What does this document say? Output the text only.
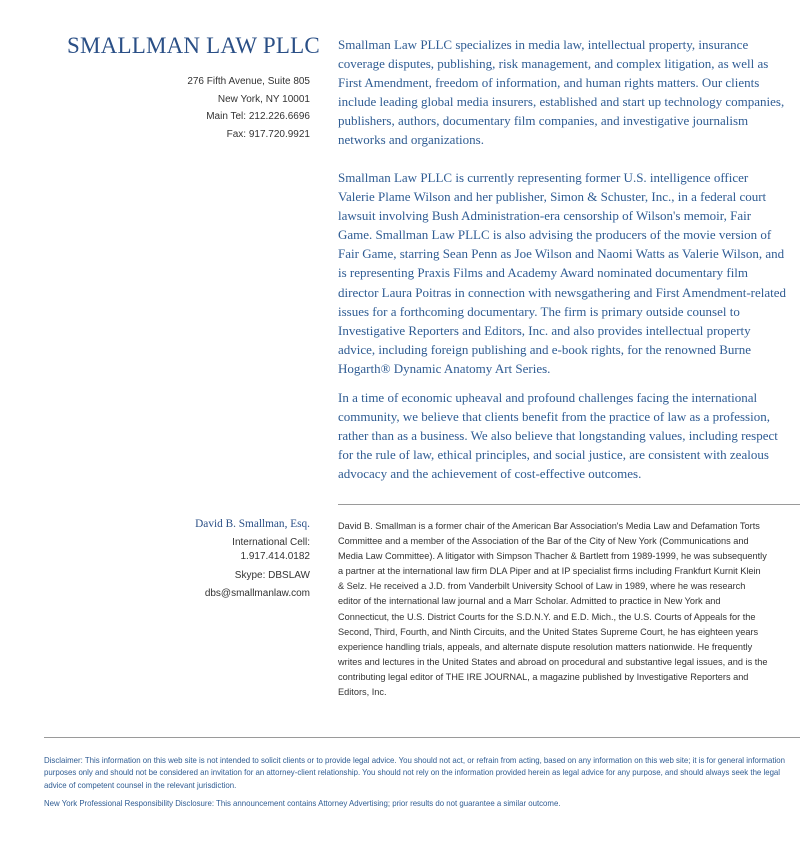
SMALLMAN LAW PLLC
276 Fifth Avenue, Suite 805
New York, NY 10001
Main Tel: 212.226.6696
Fax: 917.720.9921

Smallman Law PLLC specializes in media law, intellectual property, insurance coverage disputes, publishing, risk management, and complex litigation, as well as First Amendment, freedom of information, and human rights matters. Our clients include leading global media insurers, established and start up technology companies, publishers, authors, documentary film companies, and investigative journalism networks and organizations.

Smallman Law PLLC is currently representing former U.S. intelligence officer Valerie Plame Wilson and her publisher, Simon & Schuster, Inc., in a federal court lawsuit involving Bush Administration-era censorship of Wilson's memoir, Fair Game. Smallman Law PLLC is also advising the producers of the movie version of Fair Game, starring Sean Penn as Joe Wilson and Naomi Watts as Valerie Wilson, and is representing Praxis Films and Academy Award nominated documentary film director Laura Poitras in connection with newsgathering and First Amendment-related issues for a forthcoming documentary. The firm is primary outside counsel to Investigative Reporters and Editors, Inc. and also provides intellectual property advice, including foreign publishing and e-book rights, for the renowned Burne Hogarth® Dynamic Anatomy Art Series.

In a time of economic upheaval and profound challenges facing the international community, we believe that clients benefit from the practice of law as a profession, rather than as a business. We also believe that longstanding values, including respect for the rule of law, ethical principles, and social justice, are consistent with zealous advocacy and the achievement of cost-effective outcomes.

David B. Smallman, Esq.
International Cell:
1.917.414.0182
Skype: DBSLAW
dbs@smallmanlaw.com
David B. Smallman is a former chair of the American Bar Association's Media Law and Defamation Torts Committee and a member of the Association of the Bar of the City of New York (Communications and Media Law Committee). A litigator with Simpson Thacher & Bartlett from 1989-1999, he was subsequently a partner at the international law firm DLA Piper and at IP specialist firms including Frankfurt Kurnit Klein & Selz. He received a J.D. from Vanderbilt University School of Law in 1989, where he was research editor of the international law journal and a Marr Scholar. Admitted to practice in New York and Connecticut, the U.S. District Courts for the S.D.N.Y. and E.D. Mich., the U.S. Courts of Appeals for the Second, Third, Fourth, and Ninth Circuits, and the United States Supreme Court, he has eighteen years experience handling trials, appeals, and alternate dispute resolution matters nationwide. He frequently writes and lectures in the United States and abroad on procedural and substantive legal issues, and is the contributing legal editor of THE IRE JOURNAL, a magazine published by Investigative Reporters and Editors, Inc.
Disclaimer: This information on this web site is not intended to solicit clients or to provide legal advice. You should not act, or refrain from acting, based on any information on this web site; it is for general information purposes only and should not be considered an invitation for an attorney-client relationship. You should not rely on the information provided herein as legal advice for any purpose, and should always seek the legal advice of competent counsel in the relevant jurisdiction.
New York Professional Responsibility Disclosure: This announcement contains Attorney Advertising; prior results do not guarantee a similar outcome.
